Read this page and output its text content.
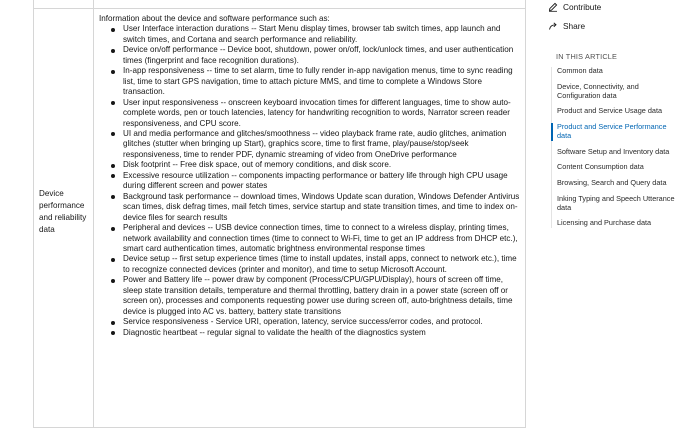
Device performance and reliability data

Information about the device and software performance such as:

User Interface interaction durations -- Start Menu display times, browser tab switch times, app launch and switch times, and Cortana and search performance and reliability.
Device on/off performance -- Device boot, shutdown, power on/off, lock/unlock times, and user authentication times (fingerprint and face recognition durations).
In-app responsiveness -- time to set alarm, time to fully render in-app navigation menus, time to sync reading list, time to start GPS navigation, time to attach picture MMS, and time to complete a Windows Store transaction.
User input responsiveness -- onscreen keyboard invocation times for different languages, time to show auto-complete words, pen or touch latencies, latency for handwriting recognition to words, Narrator screen reader responsiveness, and CPU score.
UI and media performance and glitches/smoothness -- video playback frame rate, audio glitches, animation glitches (stutter when bringing up Start), graphics score, time to first frame, play/pause/stop/seek responsiveness, time to render PDF, dynamic streaming of video from OneDrive performance
Disk footprint -- Free disk space, out of memory conditions, and disk score.
Excessive resource utilization -- components impacting performance or battery life through high CPU usage during different screen and power states
Background task performance -- download times, Windows Update scan duration, Windows Defender Antivirus scan times, disk defrag times, mail fetch times, service startup and state transition times, and time to index on-device files for search results
Peripheral and devices -- USB device connection times, time to connect to a wireless display, printing times, network availability and connection times (time to connect to Wi-Fi, time to get an IP address from DHCP etc.), smart card authentication times, automatic brightness environmental response times
Device setup -- first setup experience times (time to install updates, install apps, connect to network etc.), time to recognize connected devices (printer and monitor), and time to setup Microsoft Account.
Power and Battery life -- power draw by component (Process/CPU/GPU/Display), hours of screen off time, sleep state transition details, temperature and thermal throttling, battery drain in a power state (screen off or screen on), processes and components requesting power use during screen off, auto-brightness details, time device is plugged into AC vs. battery, battery state transitions
Service responsiveness - Service URI, operation, latency, service success/error codes, and protocol.
Diagnostic heartbeat -- regular signal to validate the health of the diagnostics system
Contribute
Share
IN THIS ARTICLE
Common data
Device, Connectivity, and Configuration data
Product and Service Usage data
Product and Service Performance data
Software Setup and Inventory data
Content Consumption data
Browsing, Search and Query data
Inking Typing and Speech Utterance data
Licensing and Purchase data
